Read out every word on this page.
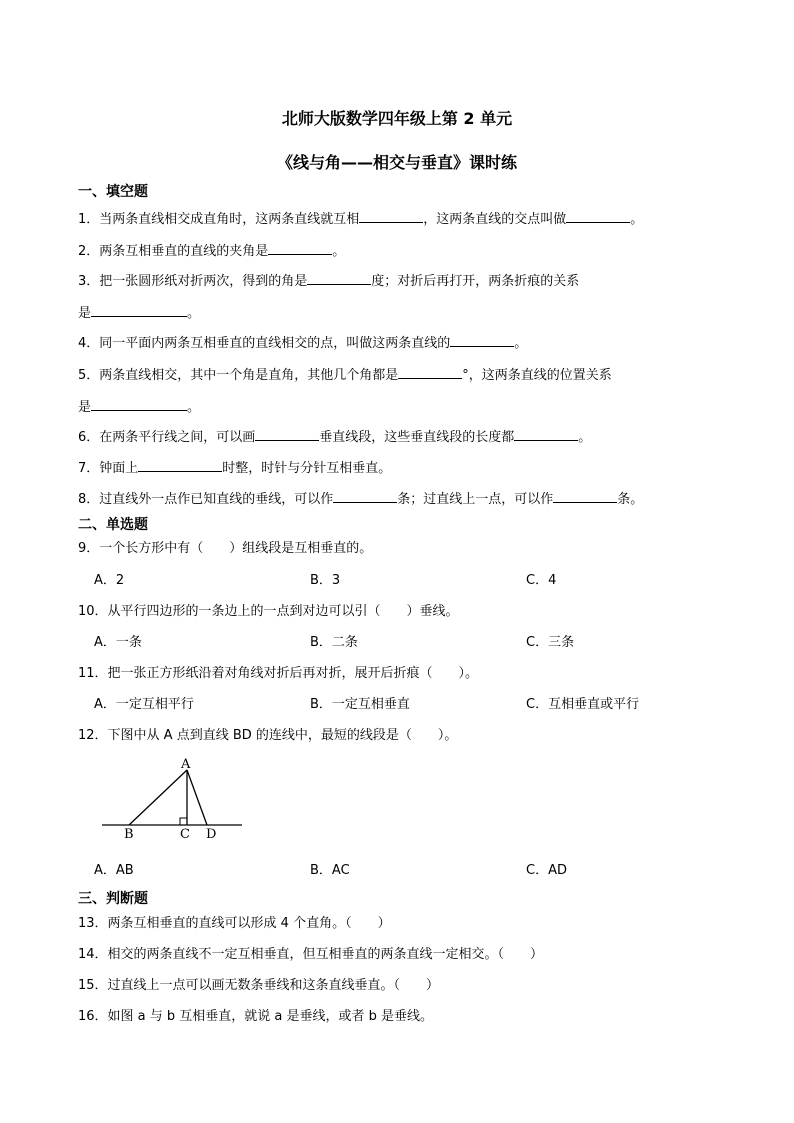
北师大版数学四年级上第 2 单元
《线与角——相交与垂直》课时练
一、填空题
1．当两条直线相交成直角时，这两条直线就互相	，这两条直线的交点叫做	。
2．两条互相垂直的直线的夹角是	。
3．把一张圆形纸对折两次，得到的角是	度；对折后再打开，两条折痕的关系
是	。
4．同一平面内两条互相垂直的直线相交的点，叫做这两条直线的	。
5．两条直线相交，其中一个角是直角，其他几个角都是	°，这两条直线的位置关系
是	。
6．在两条平行线之间，可以画	垂直线段，这些垂直线段的长度都	。
7．钟面上	时整，时针与分针互相垂直。
8．过直线外一点作已知直线的垂线，可以作	条；过直线上一点，可以作	条。
二、单选题
9．一个长方形中有（　　）组线段是互相垂直的。
A．2	B．3	C．4
10．从平行四边形的一条边上的一点到对边可以引（　　）垂线。
A．一条	B．二条	C．三条
11．把一张正方形纸沿着对角线对折后再对折，展开后折痕（　　）。
A．一定互相平行	B．一定互相垂直	C．互相垂直或平行
12．下图中从 A 点到直线 BD 的连线中，最短的线段是（　　）。
A
B	C D
A．AB	B．AC	C．AD
三、判断题
13．两条互相垂直的直线可以形成 4 个直角。（　　）
14．相交的两条直线不一定互相垂直，但互相垂直的两条直线一定相交。（　　）
15．过直线上一点可以画无数条垂线和这条直线垂直。（　　）
16．如图 a 与 b 互相垂直，就说 a 是垂线，或者 b 是垂线。
